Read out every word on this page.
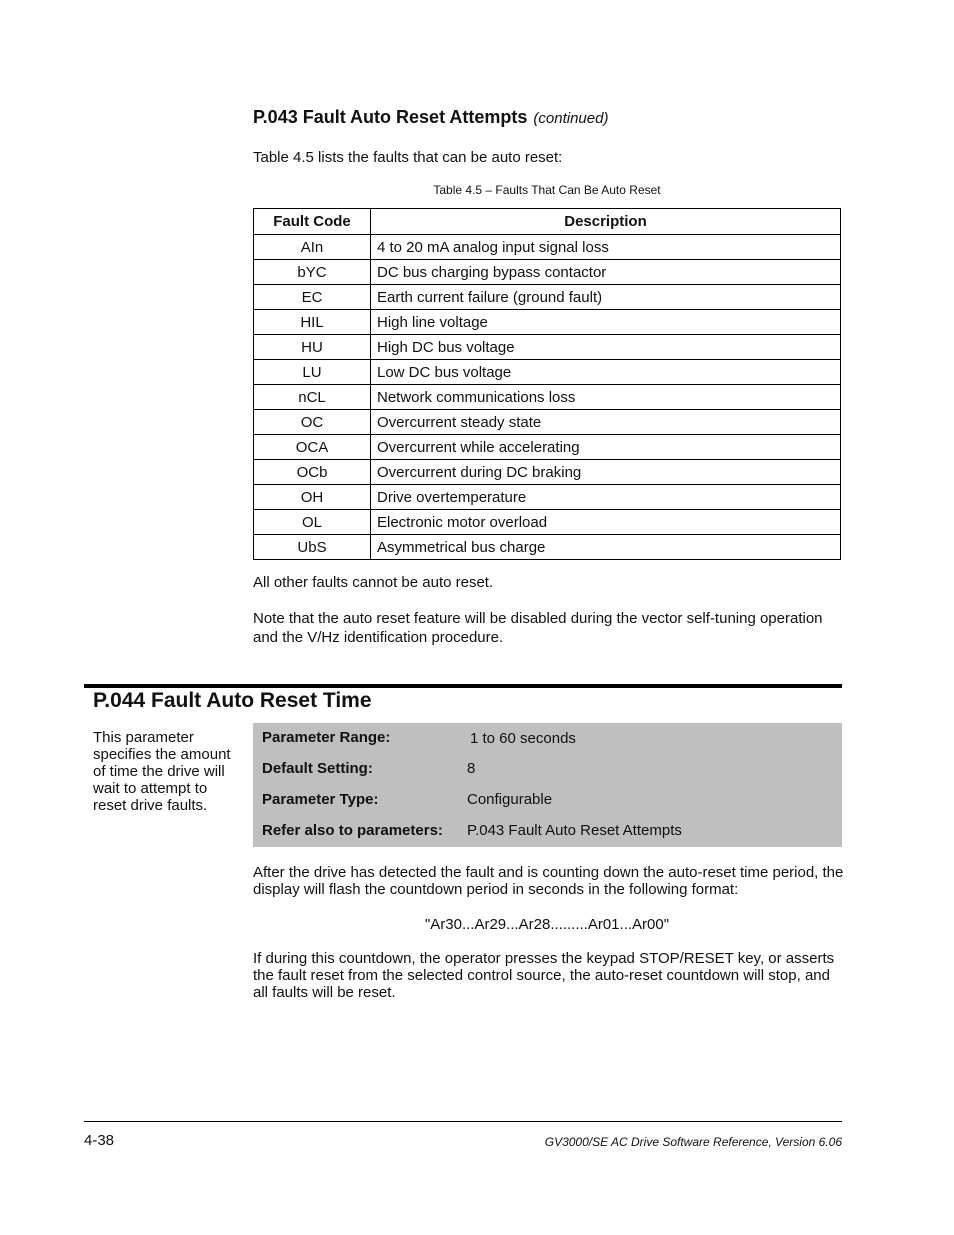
P.043 Fault Auto Reset Attempts (continued)
Table 4.5 lists the faults that can be auto reset:
Table 4.5 – Faults That Can Be Auto Reset
Fault Code	Description
AIn	4 to 20 mA analog input signal loss
bYC	DC bus charging bypass contactor
EC	Earth current failure (ground fault)
HIL	High line voltage
HU	High DC bus voltage
LU	Low DC bus voltage
nCL	Network communications loss
OC	Overcurrent steady state
OCA	Overcurrent while accelerating
OCb	Overcurrent during DC braking
OH	Drive overtemperature
OL	Electronic motor overload
UbS	Asymmetrical bus charge
All other faults cannot be auto reset.
Note that the auto reset feature will be disabled during the vector self-tuning operation and the V/Hz identification procedure.
P.044 Fault Auto Reset Time
This parameter specifies the amount of time the drive will wait to attempt to reset drive faults.
Parameter Range:	1 to 60 seconds
Default Setting:	8
Parameter Type:	Configurable
Refer also to parameters: P.043 Fault Auto Reset Attempts
After the drive has detected the fault and is counting down the auto-reset time period, the display will flash the countdown period in seconds in the following format:
"Ar30...Ar29...Ar28.........Ar01...Ar00"
If during this countdown, the operator presses the keypad STOP/RESET key, or asserts the fault reset from the selected control source, the auto-reset countdown will stop, and all faults will be reset.
4-38	GV3000/SE AC Drive Software Reference, Version 6.06
